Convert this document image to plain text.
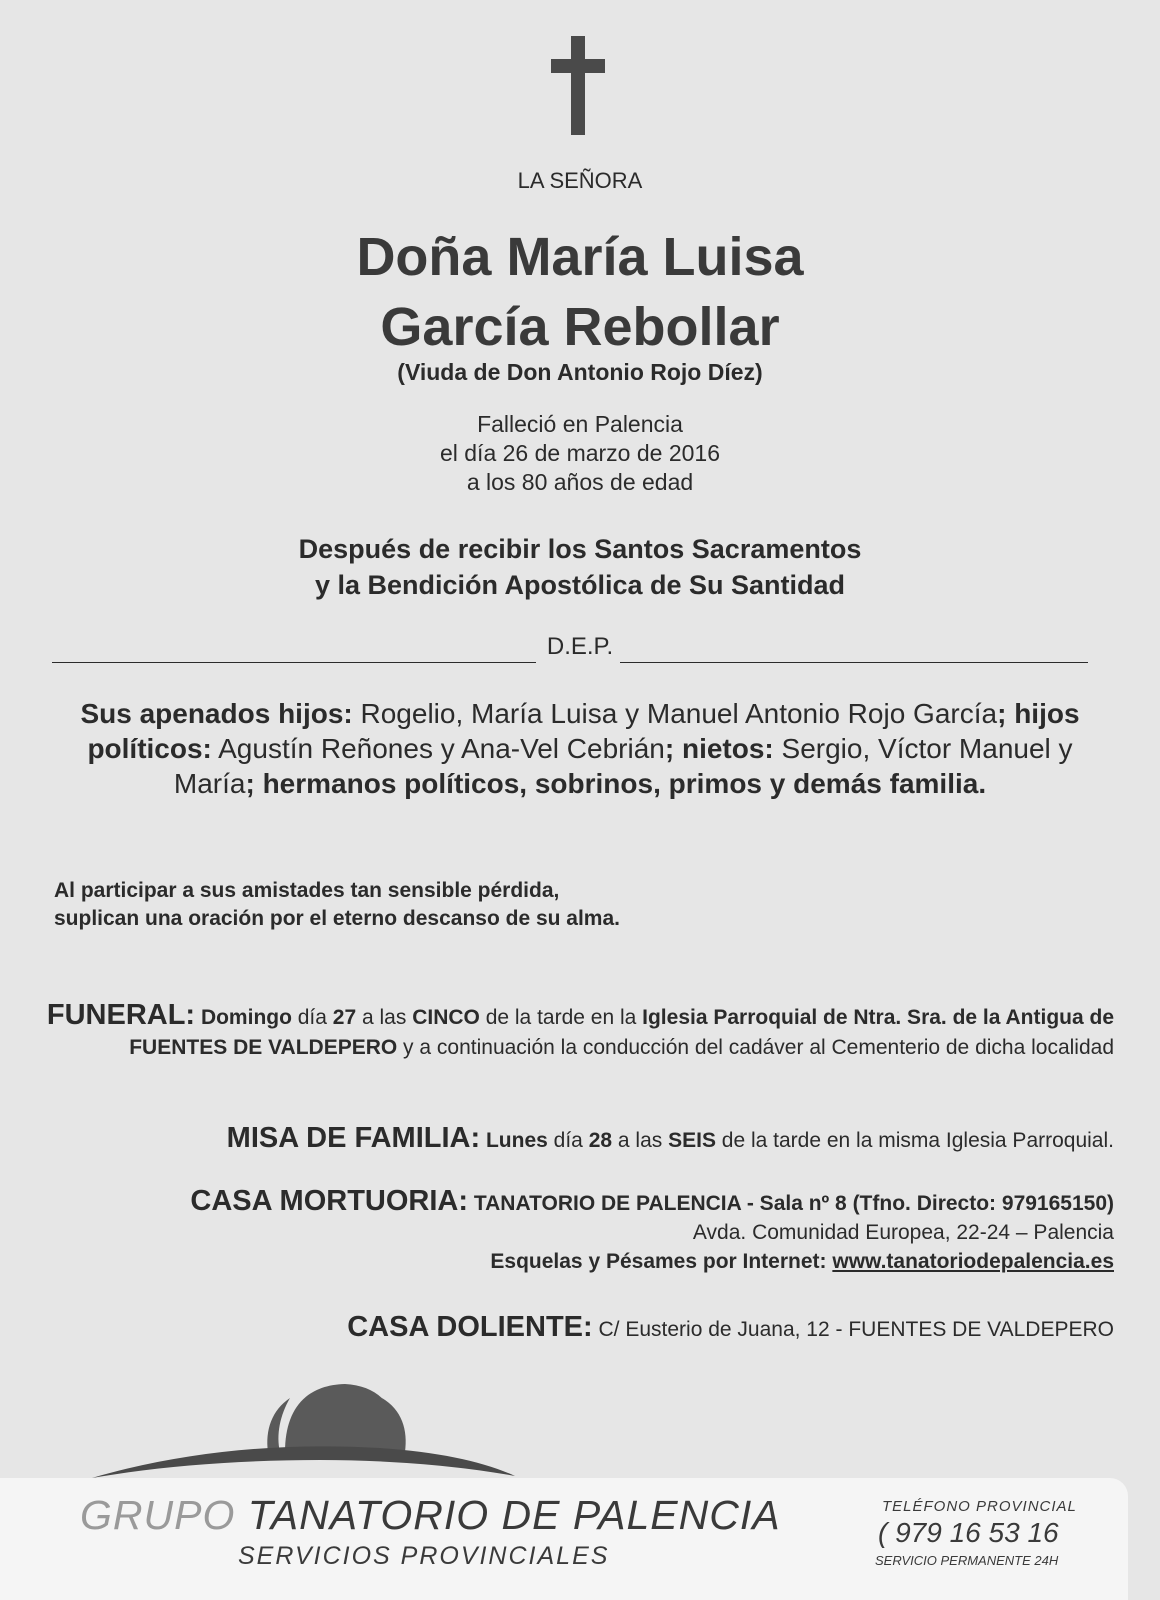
LA SEÑORA
Doña María Luisa
García Rebollar
(Viuda de Don Antonio Rojo Díez)
Falleció en Palencia
el día 26 de marzo de 2016
a los 80 años de edad
Después de recibir los Santos Sacramentos
y la Bendición Apostólica de Su Santidad
D.E.P.
Sus apenados hijos: Rogelio, María Luisa y Manuel Antonio Rojo García; hijos políticos: Agustín Reñones y Ana-Vel Cebrián; nietos: Sergio, Víctor Manuel y María; hermanos políticos, sobrinos, primos y demás familia.
Al participar a sus amistades tan sensible pérdida,
suplican una oración por el eterno descanso de su alma.
FUNERAL: Domingo día 27 a las CINCO de la tarde en la Iglesia Parroquial de Ntra. Sra. de la Antigua de FUENTES DE VALDEPERO y a continuación la conducción del cadáver al Cementerio de dicha localidad
MISA DE FAMILIA: Lunes día 28 a las SEIS de la tarde en la misma Iglesia Parroquial.
CASA MORTUORIA: TANATORIO DE PALENCIA - Sala nº 8 (Tfno. Directo: 979165150)
Avda. Comunidad Europea, 22-24 – Palencia
Esquelas y Pésames por Internet: www.tanatoriodepalencia.es
CASA DOLIENTE: C/ Eusterio de Juana, 12 - FUENTES DE VALDEPERO
GRUPO TANATORIO DE PALENCIA
SERVICIOS PROVINCIALES
TELÉFONO PROVINCIAL
( 979 16 53 16
SERVICIO PERMANENTE 24H
